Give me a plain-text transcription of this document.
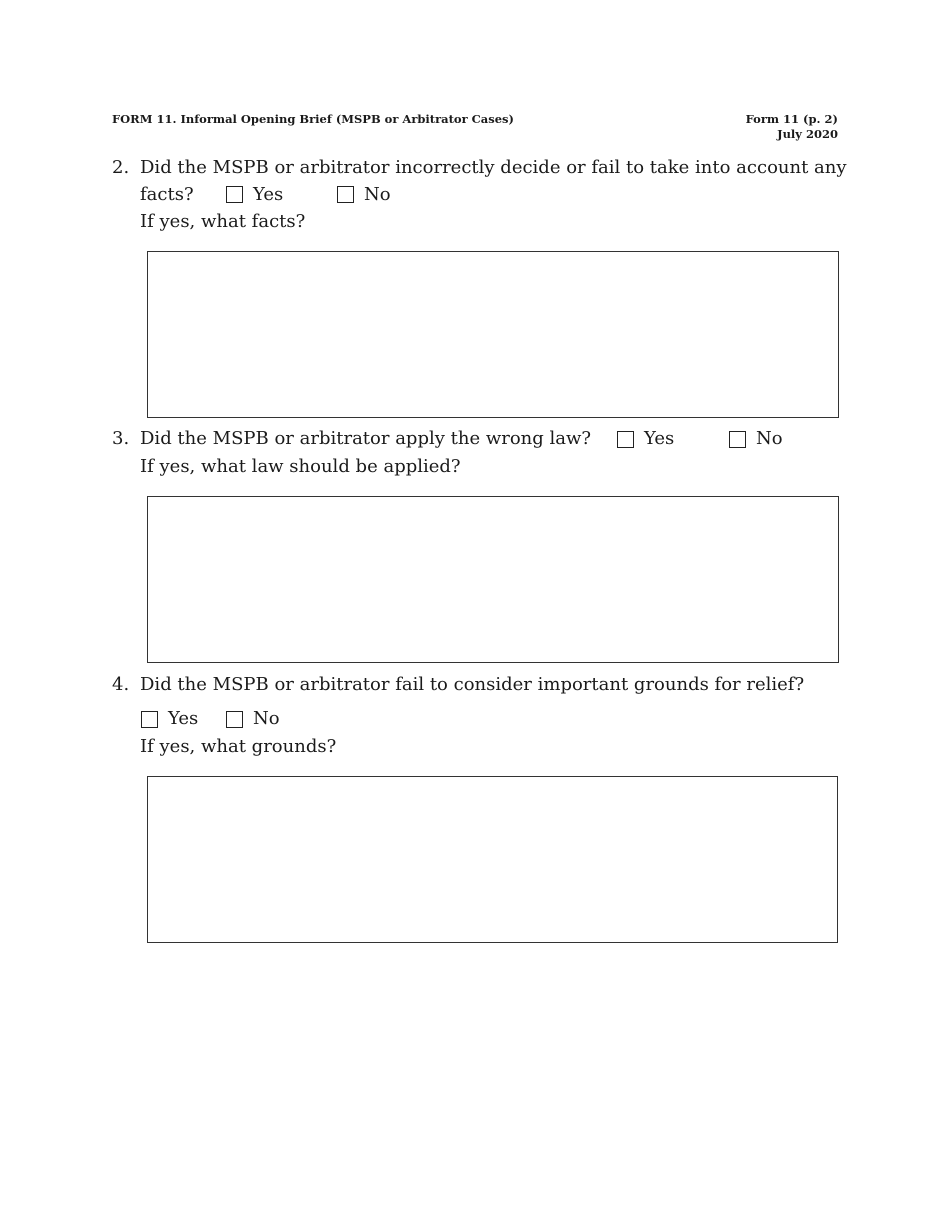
FORM 11. Informal Opening Brief (MSPB or Arbitrator Cases)	Form 11 (p. 2)
July 2020
2. Did the MSPB or arbitrator incorrectly decide or fail to take into account any
facts?	Yes	No
If yes, what facts?
3. Did the MSPB or arbitrator apply the wrong law?	Yes	No
If yes, what law should be applied?
4. Did the MSPB or arbitrator fail to consider important grounds for relief?
Yes	No
If yes, what grounds?
